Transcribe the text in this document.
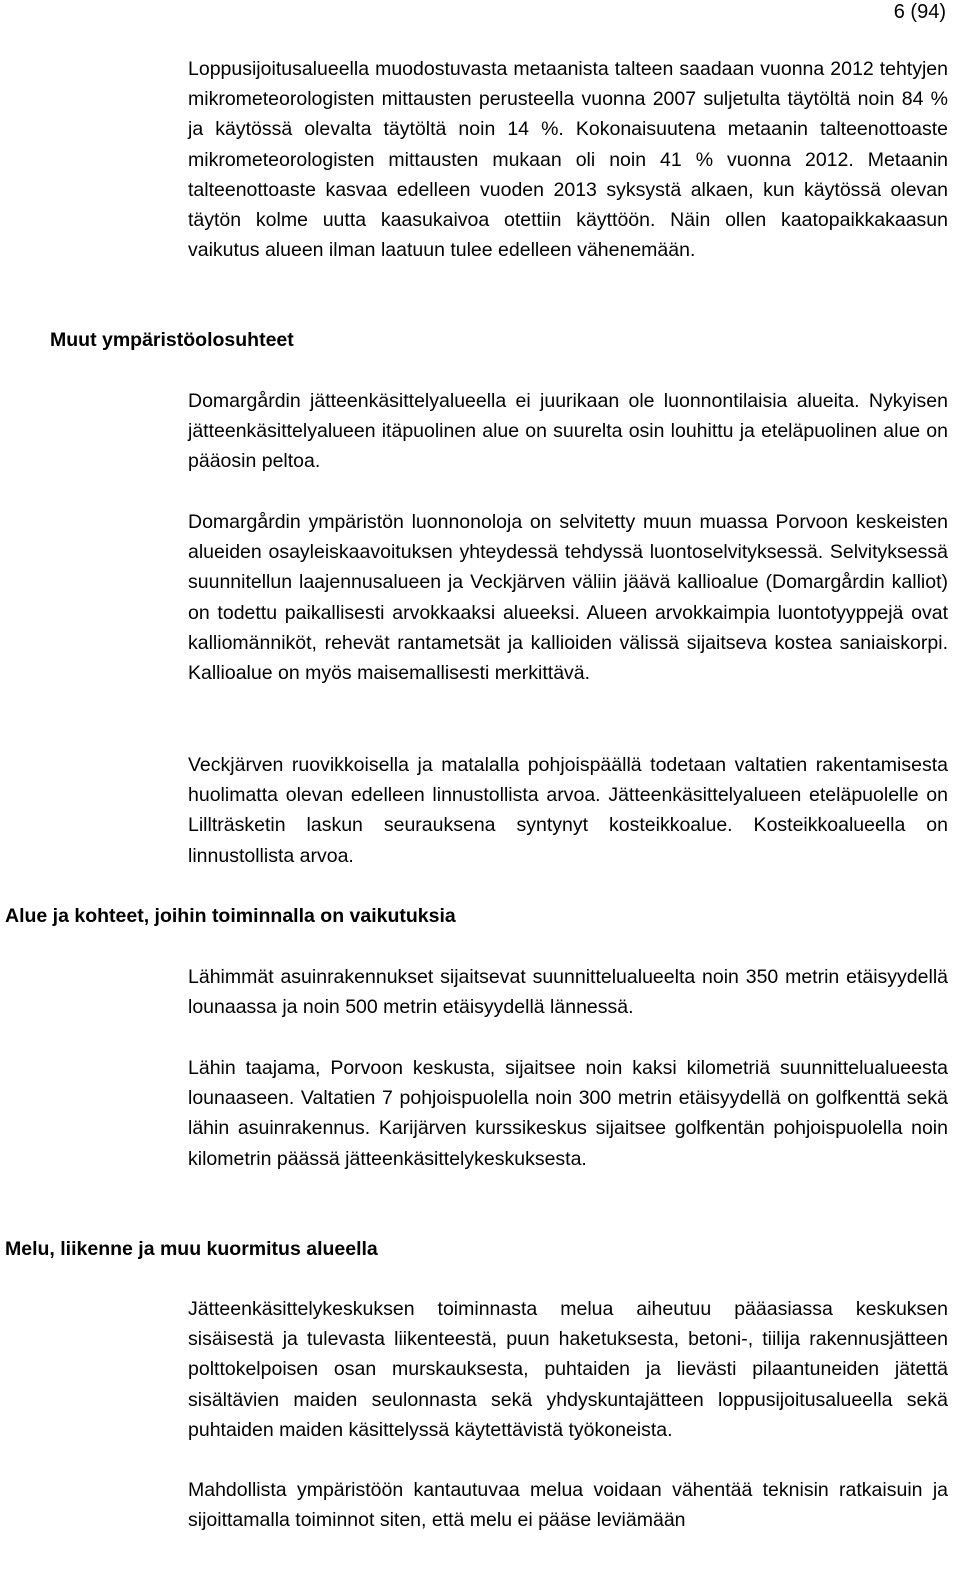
6 (94)

Loppusijoitusalueella muodostuvasta metaanista talteen saadaan vuonna 2012 tehtyjen mikrometeorologisten mittausten perusteella vuonna 2007 suljetulta täytöltä noin 84 % ja käytössä olevalta täytöltä noin 14 %. Kokonaisuutena metaanin talteenottoaste mikrometeorologisten mittausten mukaan oli noin 41 % vuonna 2012. Metaanin talteenottoaste kasvaa edelleen vuoden 2013 syksystä alkaen, kun käytössä olevan täytön kolme uutta kaasukaivoa otettiin käyttöön. Näin ollen kaatopaikkakaasun vaikutus alueen ilman laatuun tulee edelleen vähenemään.

Muut ympäristöolosuhteet

Domargårdin jätteenkäsittelyalueella ei juurikaan ole luonnontilaisia alueita. Nykyisen jätteenkäsittelyalueen itäpuolinen alue on suurelta osin louhittu ja eteläpuolinen alue on pääosin peltoa.

Domargårdin ympäristön luonnonoloja on selvitetty muun muassa Porvoon keskeisten alueiden osayleiskaavoituksen yhteydessä tehdyssä luontoselvityksessä. Selvityksessä suunnitellun laajennusalueen ja Veckjärven väliin jäävä kallioalue (Domargårdin kalliot) on todettu paikallisesti arvokkaaksi alueeksi. Alueen arvokkaimpia luontotyyppejä ovat kalliomänniköt, rehevät rantametsät ja kallioiden välissä sijaitseva kostea saniaiskorpi. Kallioalue on myös maisemallisesti merkittävä.

Veckjärven ruovikkoisella ja matalalla pohjoispäällä todetaan valtatien rakentamisesta huolimatta olevan edelleen linnustollista arvoa. Jätteenkäsittelyalueen eteläpuolelle on Lillträsketin laskun seurauksena syntynyt kosteikkoalue. Kosteikkoalueella on linnustollista arvoa.

Alue ja kohteet, joihin toiminnalla on vaikutuksia

Lähimmät asuinrakennukset sijaitsevat suunnittelualueelta noin 350 metrin etäisyydellä lounaassa ja noin 500 metrin etäisyydellä lännessä.

Lähin taajama, Porvoon keskusta, sijaitsee noin kaksi kilometriä suunnittelualueesta lounaaseen. Valtatien 7 pohjoispuolella noin 300 metrin etäisyydellä on golfkenttä sekä lähin asuinrakennus. Karijärven kurssikeskus sijaitsee golfkentän pohjoispuolella noin kilometrin päässä jätteenkäsittelykeskuksesta.

Melu, liikenne ja muu kuormitus alueella

Jätteenkäsittelykeskuksen toiminnasta melua aiheutuu pääasiassa keskuksen sisäisestä ja tulevasta liikenteestä, puun haketuksesta, betoni-, tiilija rakennusjätteen polttokelpoisen osan murskauksesta, puhtaiden ja lievästi pilaantuneiden jätettä sisältävien maiden seulonnasta sekä yhdyskuntajätteen loppusijoitusalueella sekä puhtaiden maiden käsittelyssä käytettävistä työkoneista.

Mahdollista ympäristöön kantautuvaa melua voidaan vähentää teknisin ratkaisuin ja sijoittamalla toiminnot siten, että melu ei pääse leviämään
